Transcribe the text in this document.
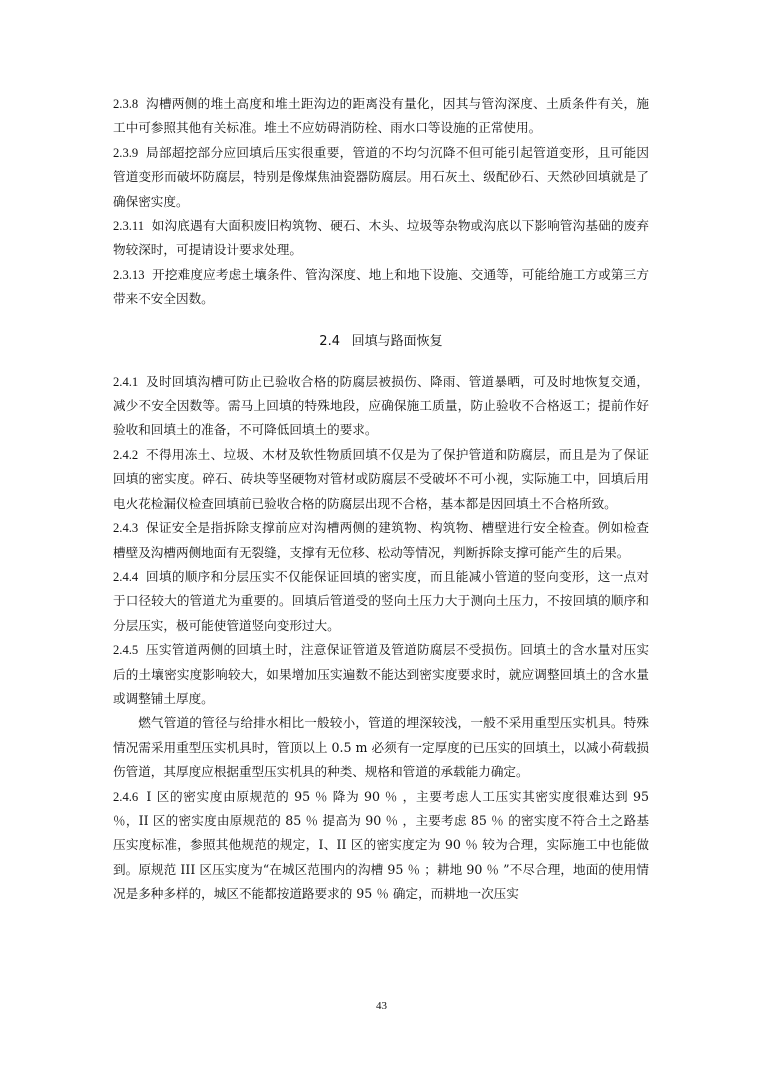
2.3.8 沟槽两侧的堆土高度和堆土距沟边的距离没有量化，因其与管沟深度、土质条件有关，施工中可参照其他有关标准。堆土不应妨碍消防栓、雨水口等设施的正常使用。

2.3.9 局部超挖部分应回填后压实很重要，管道的不均匀沉降不但可能引起管道变形，且可能因管道变形而破坏防腐层，特别是像煤焦油瓷器防腐层。用石灰土、级配砂石、天然砂回填就是了确保密实度。

2.3.11 如沟底遇有大面积废旧构筑物、硬石、木头、垃圾等杂物或沟底以下影响管沟基础的废弃物较深时，可提请设计要求处理。

2.3.13 开挖难度应考虑土壤条件、管沟深度、地上和地下设施、交通等，可能给施工方或第三方带来不安全因数。

2.4 回填与路面恢复

2.4.1 及时回填沟槽可防止已验收合格的防腐层被损伤、降雨、管道暴晒，可及时地恢复交通，减少不安全因数等。需马上回填的特殊地段，应确保施工质量，防止验收不合格返工；提前作好验收和回填土的准备，不可降低回填土的要求。

2.4.2 不得用冻土、垃圾、木材及软性物质回填不仅是为了保护管道和防腐层，而且是为了保证回填的密实度。碎石、砖块等坚硬物对管材或防腐层不受破坏不可小视，实际施工中，回填后用电火花检漏仪检查回填前已验收合格的防腐层出现不合格，基本都是因回填土不合格所致。

2.4.3 保证安全是指拆除支撑前应对沟槽两侧的建筑物、构筑物、槽壁进行安全检查。例如检查槽壁及沟槽两侧地面有无裂缝，支撑有无位移、松动等情况，判断拆除支撑可能产生的后果。

2.4.4 回填的顺序和分层压实不仅能保证回填的密实度，而且能减小管道的竖向变形，这一点对于口径较大的管道尤为重要的。回填后管道受的竖向土压力大于测向土压力，不按回填的顺序和分层压实，极可能使管道竖向变形过大。

2.4.5 压实管道两侧的回填土时，注意保证管道及管道防腐层不受损伤。回填土的含水量对压实后的土壤密实度影响较大，如果增加压实遍数不能达到密实度要求时，就应调整回填土的含水量或调整铺土厚度。

燃气管道的管径与给排水相比一般较小，管道的埋深较浅，一般不采用重型压实机具。特殊情况需采用重型压实机具时，管顶以上 0.5 m 必须有一定厚度的已压实的回填土，以减小荷载损伤管道，其厚度应根据重型压实机具的种类、规格和管道的承载能力确定。

2.4.6 Ⅰ 区的密实度由原规范的 95 ％ 降为 90 ％ ，主要考虑人工压实其密实度很难达到 95 ％，II 区的密实度由原规范的 85 ％ 提高为 90 ％ ，主要考虑 85 ％ 的密实度不符合土之路基压实度标准，参照其他规范的规定，Ⅰ、II 区的密实度定为 90 ％ 较为合理，实际施工中也能做到。原规范 III 区压实度为“在城区范围内的沟槽 95 ％ ；耕地 90 ％ ”不尽合理，地面的使用情况是多种多样的，城区不能都按道路要求的 95 ％ 确定，而耕地一次压实

43
